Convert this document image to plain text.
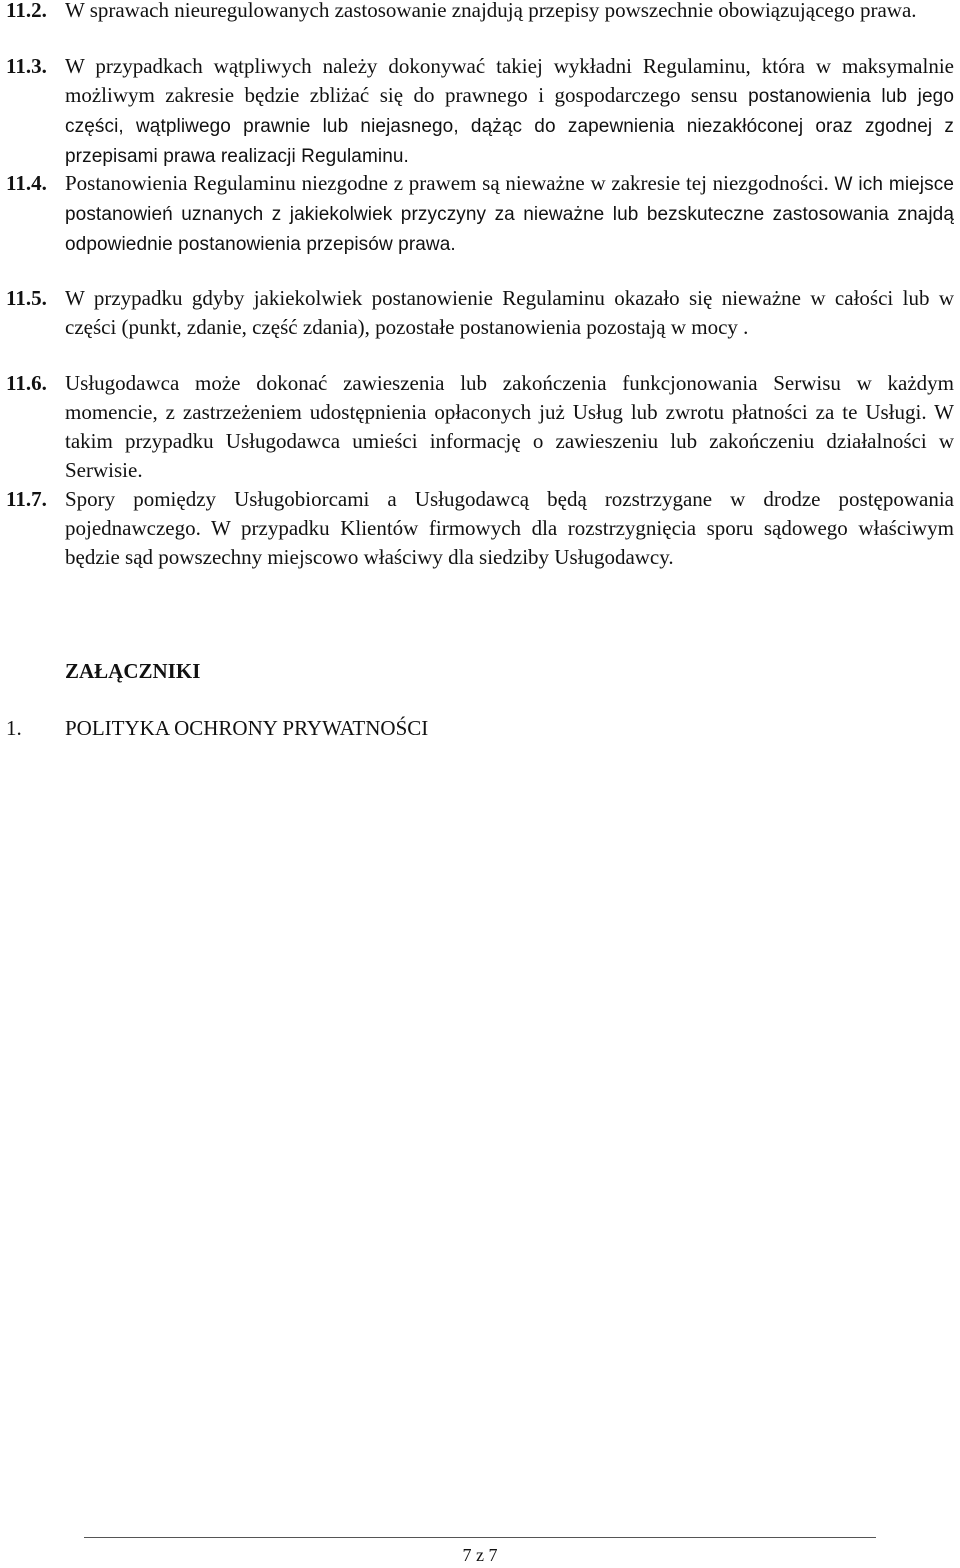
11.2. W sprawach nieuregulowanych zastosowanie znajdują przepisy powszechnie obowiązującego prawa.
11.3. W przypadkach wątpliwych należy dokonywać takiej wykładni Regulaminu, która w maksymalnie możliwym zakresie będzie zbliżać się do prawnego i gospodarczego sensu postanowienia lub jego części, wątpliwego prawnie lub niejasnego, dążąc do zapewnienia niezakłóconej oraz zgodnej z przepisami prawa realizacji Regulaminu.
11.4. Postanowienia Regulaminu niezgodne z prawem są nieważne w zakresie tej niezgodności. W ich miejsce postanowień uznanych z jakiekolwiek przyczyny za nieważne lub bezskuteczne zastosowania znajdą odpowiednie postanowienia przepisów prawa.
11.5. W przypadku gdyby jakiekolwiek postanowienie Regulaminu okazało się nieważne w całości lub w części (punkt, zdanie, część zdania), pozostałe postanowienia pozostają w mocy .
11.6. Usługodawca może dokonać zawieszenia lub zakończenia funkcjonowania Serwisu w każdym momencie, z zastrzeżeniem udostępnienia opłaconych już Usług lub zwrotu płatności za te Usługi. W takim przypadku Usługodawca umieści informację o zawieszeniu lub zakończeniu działalności w Serwisie.
11.7. Spory pomiędzy Usługobiorcami a Usługodawcą będą rozstrzygane w drodze postępowania pojednawczego. W przypadku Klientów firmowych dla rozstrzygnięcia sporu sądowego właściwym będzie sąd powszechny miejscowo właściwy dla siedziby Usługodawcy.
ZAŁĄCZNIKI
1.	POLITYKA OCHRONY PRYWATNOŚCI
7 z 7
